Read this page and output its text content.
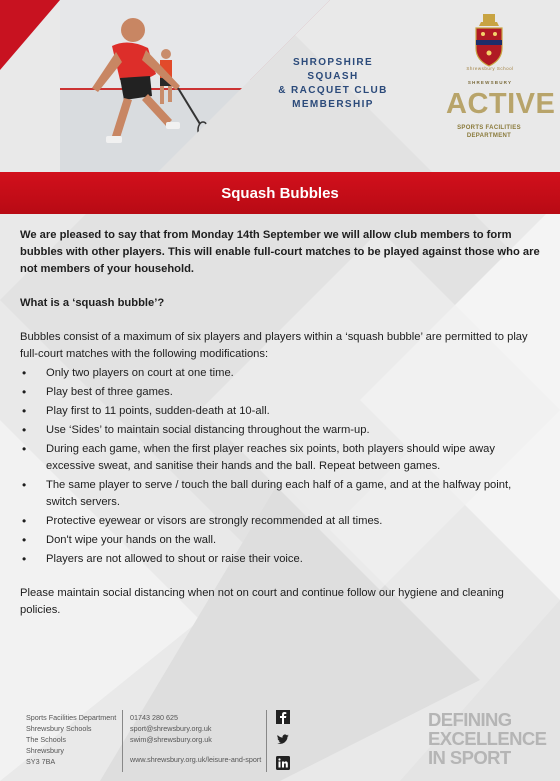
SHROPSHIRE SQUASH
& RACQUET CLUB
MEMBERSHIP
Shrewsbury School
SHREWSBURY
ACTIVE
SPORTS FACILITIES
DEPARTMENT
Squash Bubbles

We are pleased to say that from Monday 14th September we will allow club members to form bubbles with other players. This will enable full-court matches to be played against those who are not members of your household.

What is a ‘squash bubble’?

Bubbles consist of a maximum of six players and players within a ‘squash bubble’ are permitted to play full-court matches with the following modifications:

• Only two players on court at one time.
• Play best of three games.
• Play first to 11 points, sudden-death at 10-all.
• Use ‘Sides’ to maintain social distancing throughout the warm-up.
• During each game, when the first player reaches six points, both players should wipe away excessive sweat, and sanitise their hands and the ball. Repeat between games.
• The same player to serve / touch the ball during each half of a game, and at the halfway point, switch servers.
• Protective eyewear or visors are strongly recommended at all times.
• Don't wipe your hands on the wall.
• Players are not allowed to shout or raise their voice.

Please maintain social distancing when not on court and continue follow our hygiene and cleaning policies.

Sports Facilities Department
Shrewsbury Schools
The Schools
Shrewsbury
SY3 7BA
01743 280 625
sport@shrewsbury.org.uk
swim@shrewsbury.org.uk
www.shrewsbury.org.uk/leisure-and-sport
DEFINING
EXCELLENCE
IN SPORT
